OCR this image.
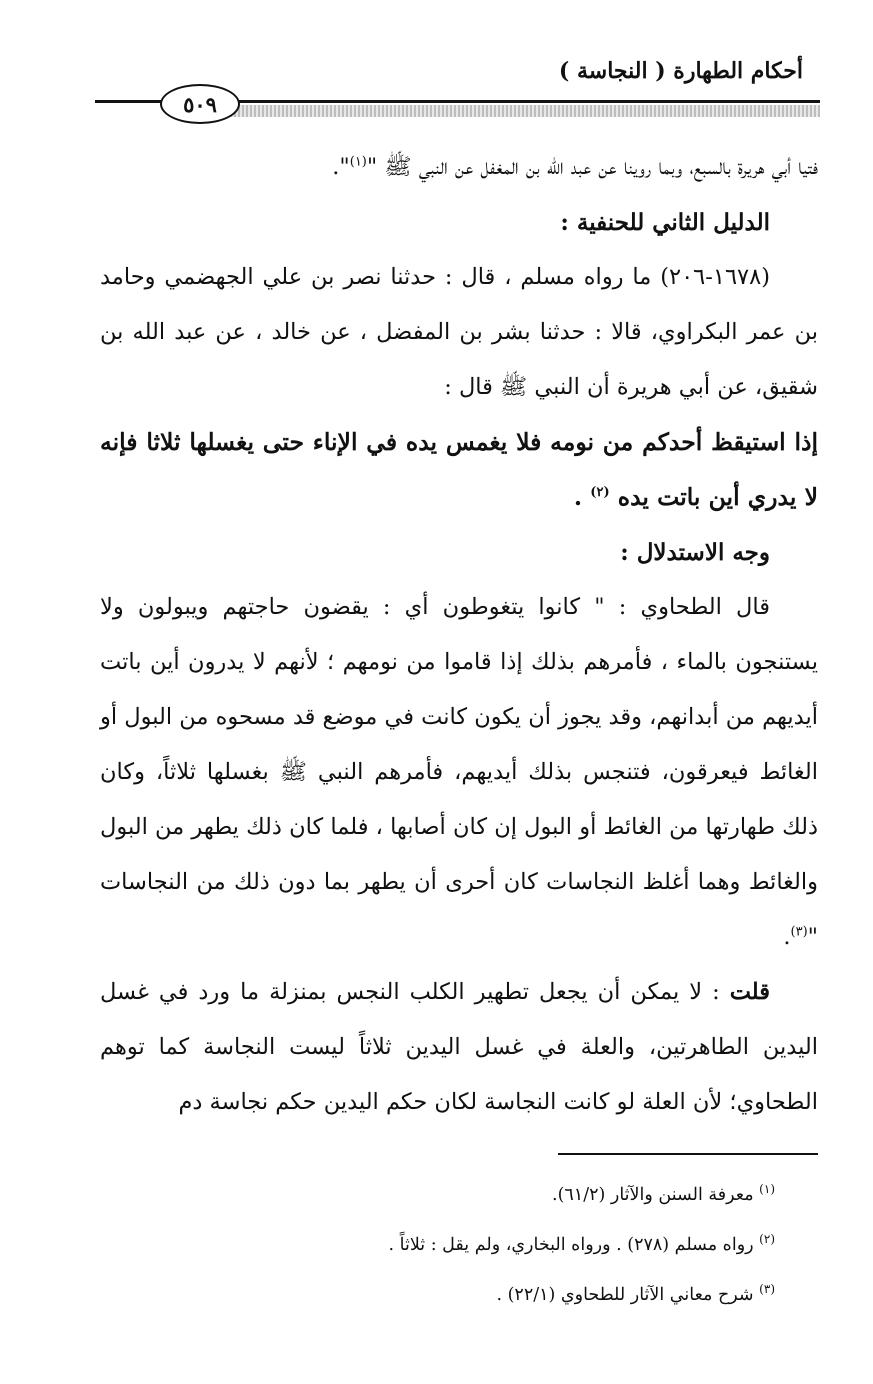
أحكام الطهارة ( النجاسة )
٥٠٩

فتيا أبي هريرة بالسبع، وبما روينا عن عبد الله بن المغفل عن النبي ﷺ "$^{(١)}$".

الدليل الثاني للحنفية :

(١٦٧٨-٢٠٦) ما رواه مسلم ، قال : حدثنا نصر بن علي الجهضمي وحامد بن عمر البكراوي، قالا : حدثنا بشر بن المفضل ، عن خالد ، عن عبد الله بن شقيق، عن أبي هريرة أن النبي ﷺ قال :

إذا استيقظ أحدكم من نومه فلا يغمس يده في الإناء حتى يغسلها ثلاثا فإنه لا يدري أين باتت يده $^{(٢)}$ .

وجه الاستدلال :

قال الطحاوي : " كانوا يتغوطون أي : يقضون حاجتهم ويبولون ولا يستنجون بالماء ، فأمرهم بذلك إذا قاموا من نومهم ؛ لأنهم لا يدرون أين باتت أيديهم من أبدانهم، وقد يجوز أن يكون كانت في موضع قد مسحوه من البول أو الغائط فيعرقون، فتنجس بذلك أيديهم، فأمرهم النبي ﷺ بغسلها ثلاثاً، وكان ذلك طهارتها من الغائط أو البول إن كان أصابها ، فلما كان ذلك يطهر من البول والغائط وهما أغلظ النجاسات كان أحرى أن يطهر بما دون ذلك من النجاسات "$^{(٣)}$.

قلت : لا يمكن أن يجعل تطهير الكلب النجس بمنزلة ما ورد في غسل اليدين الطاهرتين، والعلة في غسل اليدين ثلاثاً ليست النجاسة كما توهم الطحاوي؛ لأن العلة لو كانت النجاسة لكان حكم اليدين حكم نجاسة دم

$^{(١)}$ معرفة السنن والآثار (٦١/٢).

$^{(٢)}$ رواه مسلم (٢٧٨) . ورواه البخاري، ولم يقل : ثلاثاً .

$^{(٣)}$ شرح معاني الآثار للطحاوي (٢٢/١) .
